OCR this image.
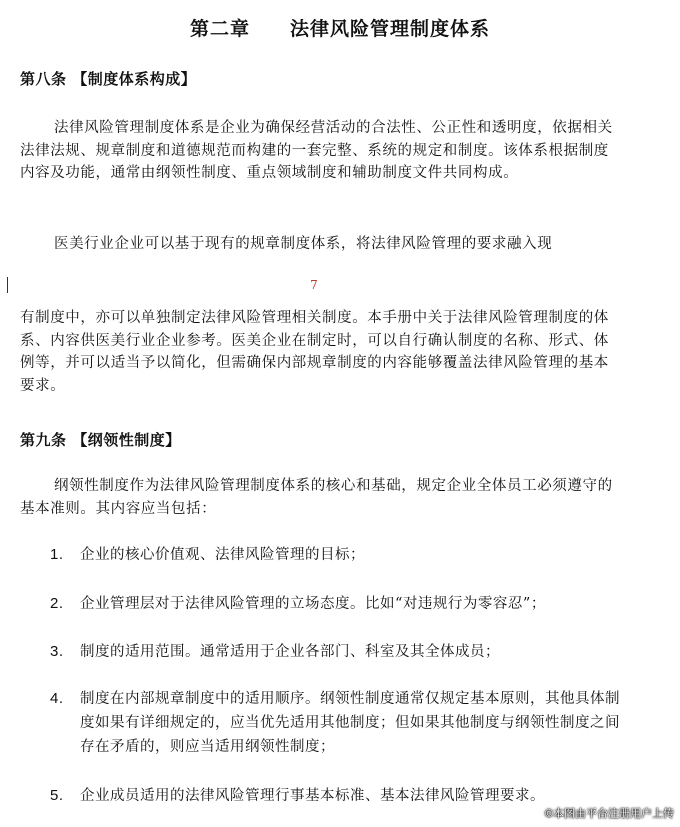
第二章　　法律风险管理制度体系
第八条 【制度体系构成】
法律风险管理制度体系是企业为确保经营活动的合法性、公正性和透明度，依据相关法律法规、规章制度和道德规范而构建的一套完整、系统的规定和制度。该体系根据制度内容及功能，通常由纲领性制度、重点领域制度和辅助制度文件共同构成。
医美行业企业可以基于现有的规章制度体系，将法律风险管理的要求融入现
7
有制度中，亦可以单独制定法律风险管理相关制度。本手册中关于法律风险管理制度的体系、内容供医美行业企业参考。医美企业在制定时，可以自行确认制度的名称、形式、体例等，并可以适当予以简化，但需确保内部规章制度的内容能够覆盖法律风险管理的基本要求。
第九条 【纲领性制度】
纲领性制度作为法律风险管理制度体系的核心和基础，规定企业全体员工必须遵守的基本准则。其内容应当包括：
1.	企业的核心价值观、法律风险管理的目标；
2.	企业管理层对于法律风险管理的立场态度。比如“对违规行为零容忍”；
3.	制度的适用范围。通常适用于企业各部门、科室及其全体成员；
4.	制度在内部规章制度中的适用顺序。纲领性制度通常仅规定基本原则，其他具体制度如果有详细规定的，应当优先适用其他制度；但如果其他制度与纲领性制度之间存在矛盾的，则应当适用纲领性制度；
5.	企业成员适用的法律风险管理行事基本标准、基本法律风险管理要求。
©本图由平台注册用户上传
